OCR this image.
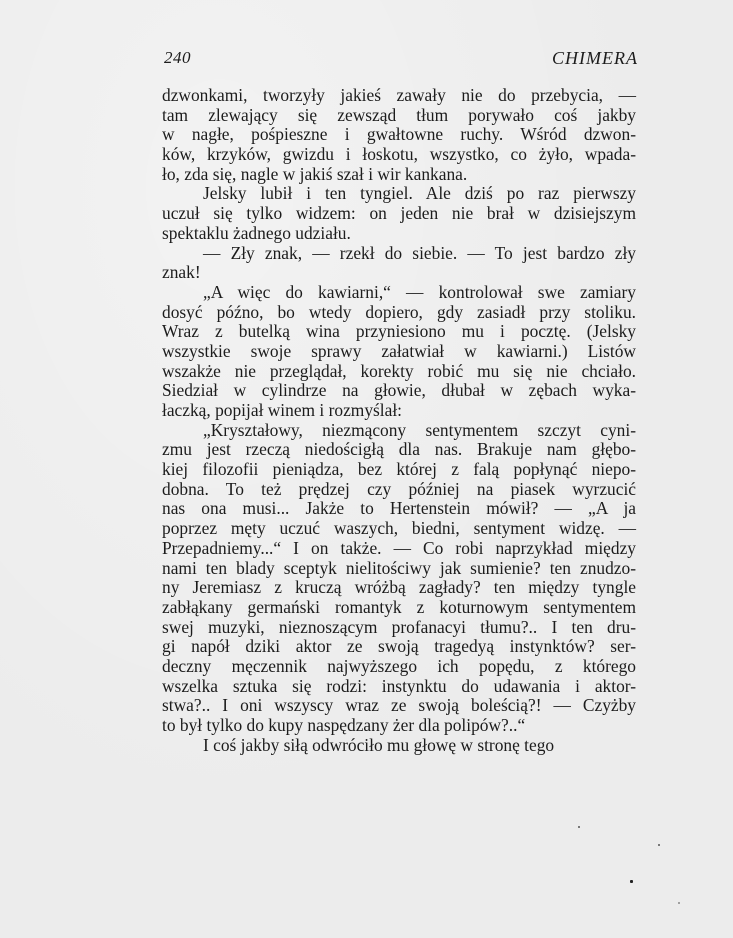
240	CHIMERA
dzwonkami, tworzyły jakieś zawały nie do przebycia, —
tam zlewający się zewsząd tłum porywało coś jakby
w nagłe, pośpieszne i gwałtowne ruchy. Wśród dzwon-
ków, krzyków, gwizdu i łoskotu, wszystko, co żyło, wpada-
ło, zda się, nagle w jakiś szał i wir kankana.
Jelsky lubił i ten tyngiel. Ale dziś po raz pierwszy
uczuł się tylko widzem: on jeden nie brał w dzisiejszym
spektaklu żadnego udziału.
— Zły znak, — rzekł do siebie. — To jest bardzo zły
znak!
„A więc do kawiarni,“ — kontrolował swe zamiary
dosyć późno, bo wtedy dopiero, gdy zasiadł przy stoliku.
Wraz z butelką wina przyniesiono mu i pocztę. (Jelsky
wszystkie swoje sprawy załatwiał w kawiarni.) Listów
wszakże nie przeglądał, korekty robić mu się nie chciało.
Siedział w cylindrze na głowie, dłubał w zębach wyka-
łaczką, popijał winem i rozmyślał:
„Kryształowy, niezmącony sentymentem szczyt cyni-
zmu jest rzeczą niedościgłą dla nas. Brakuje nam głębo-
kiej filozofii pieniądza, bez której z falą popłynąć niepo-
dobna. To też prędzej czy później na piasek wyrzucić
nas ona musi... Jakże to Hertenstein mówił? — „A ja
poprzez męty uczuć waszych, biedni, sentyment widzę. —
Przepadniemy...“ I on także. — Co robi naprzykład między
nami ten blady sceptyk nielitościwy jak sumienie? ten znudzo-
ny Jeremiasz z kruczą wróżbą zagłady? ten między tyngle
zabłąkany germański romantyk z koturnowym sentymentem
swej muzyki, nieznoszącym profanacyi tłumu?.. I ten dru-
gi napół dziki aktor ze swoją tragedyą instynktów? ser-
deczny męczennik najwyższego ich popędu, z którego
wszelka sztuka się rodzi: instynktu do udawania i aktor-
stwa?.. I oni wszyscy wraz ze swoją boleścią?! — Czyżby
to był tylko do kupy naspędzany żer dla polipów?..“
I coś jakby siłą odwróciło mu głowę w stronę tego
